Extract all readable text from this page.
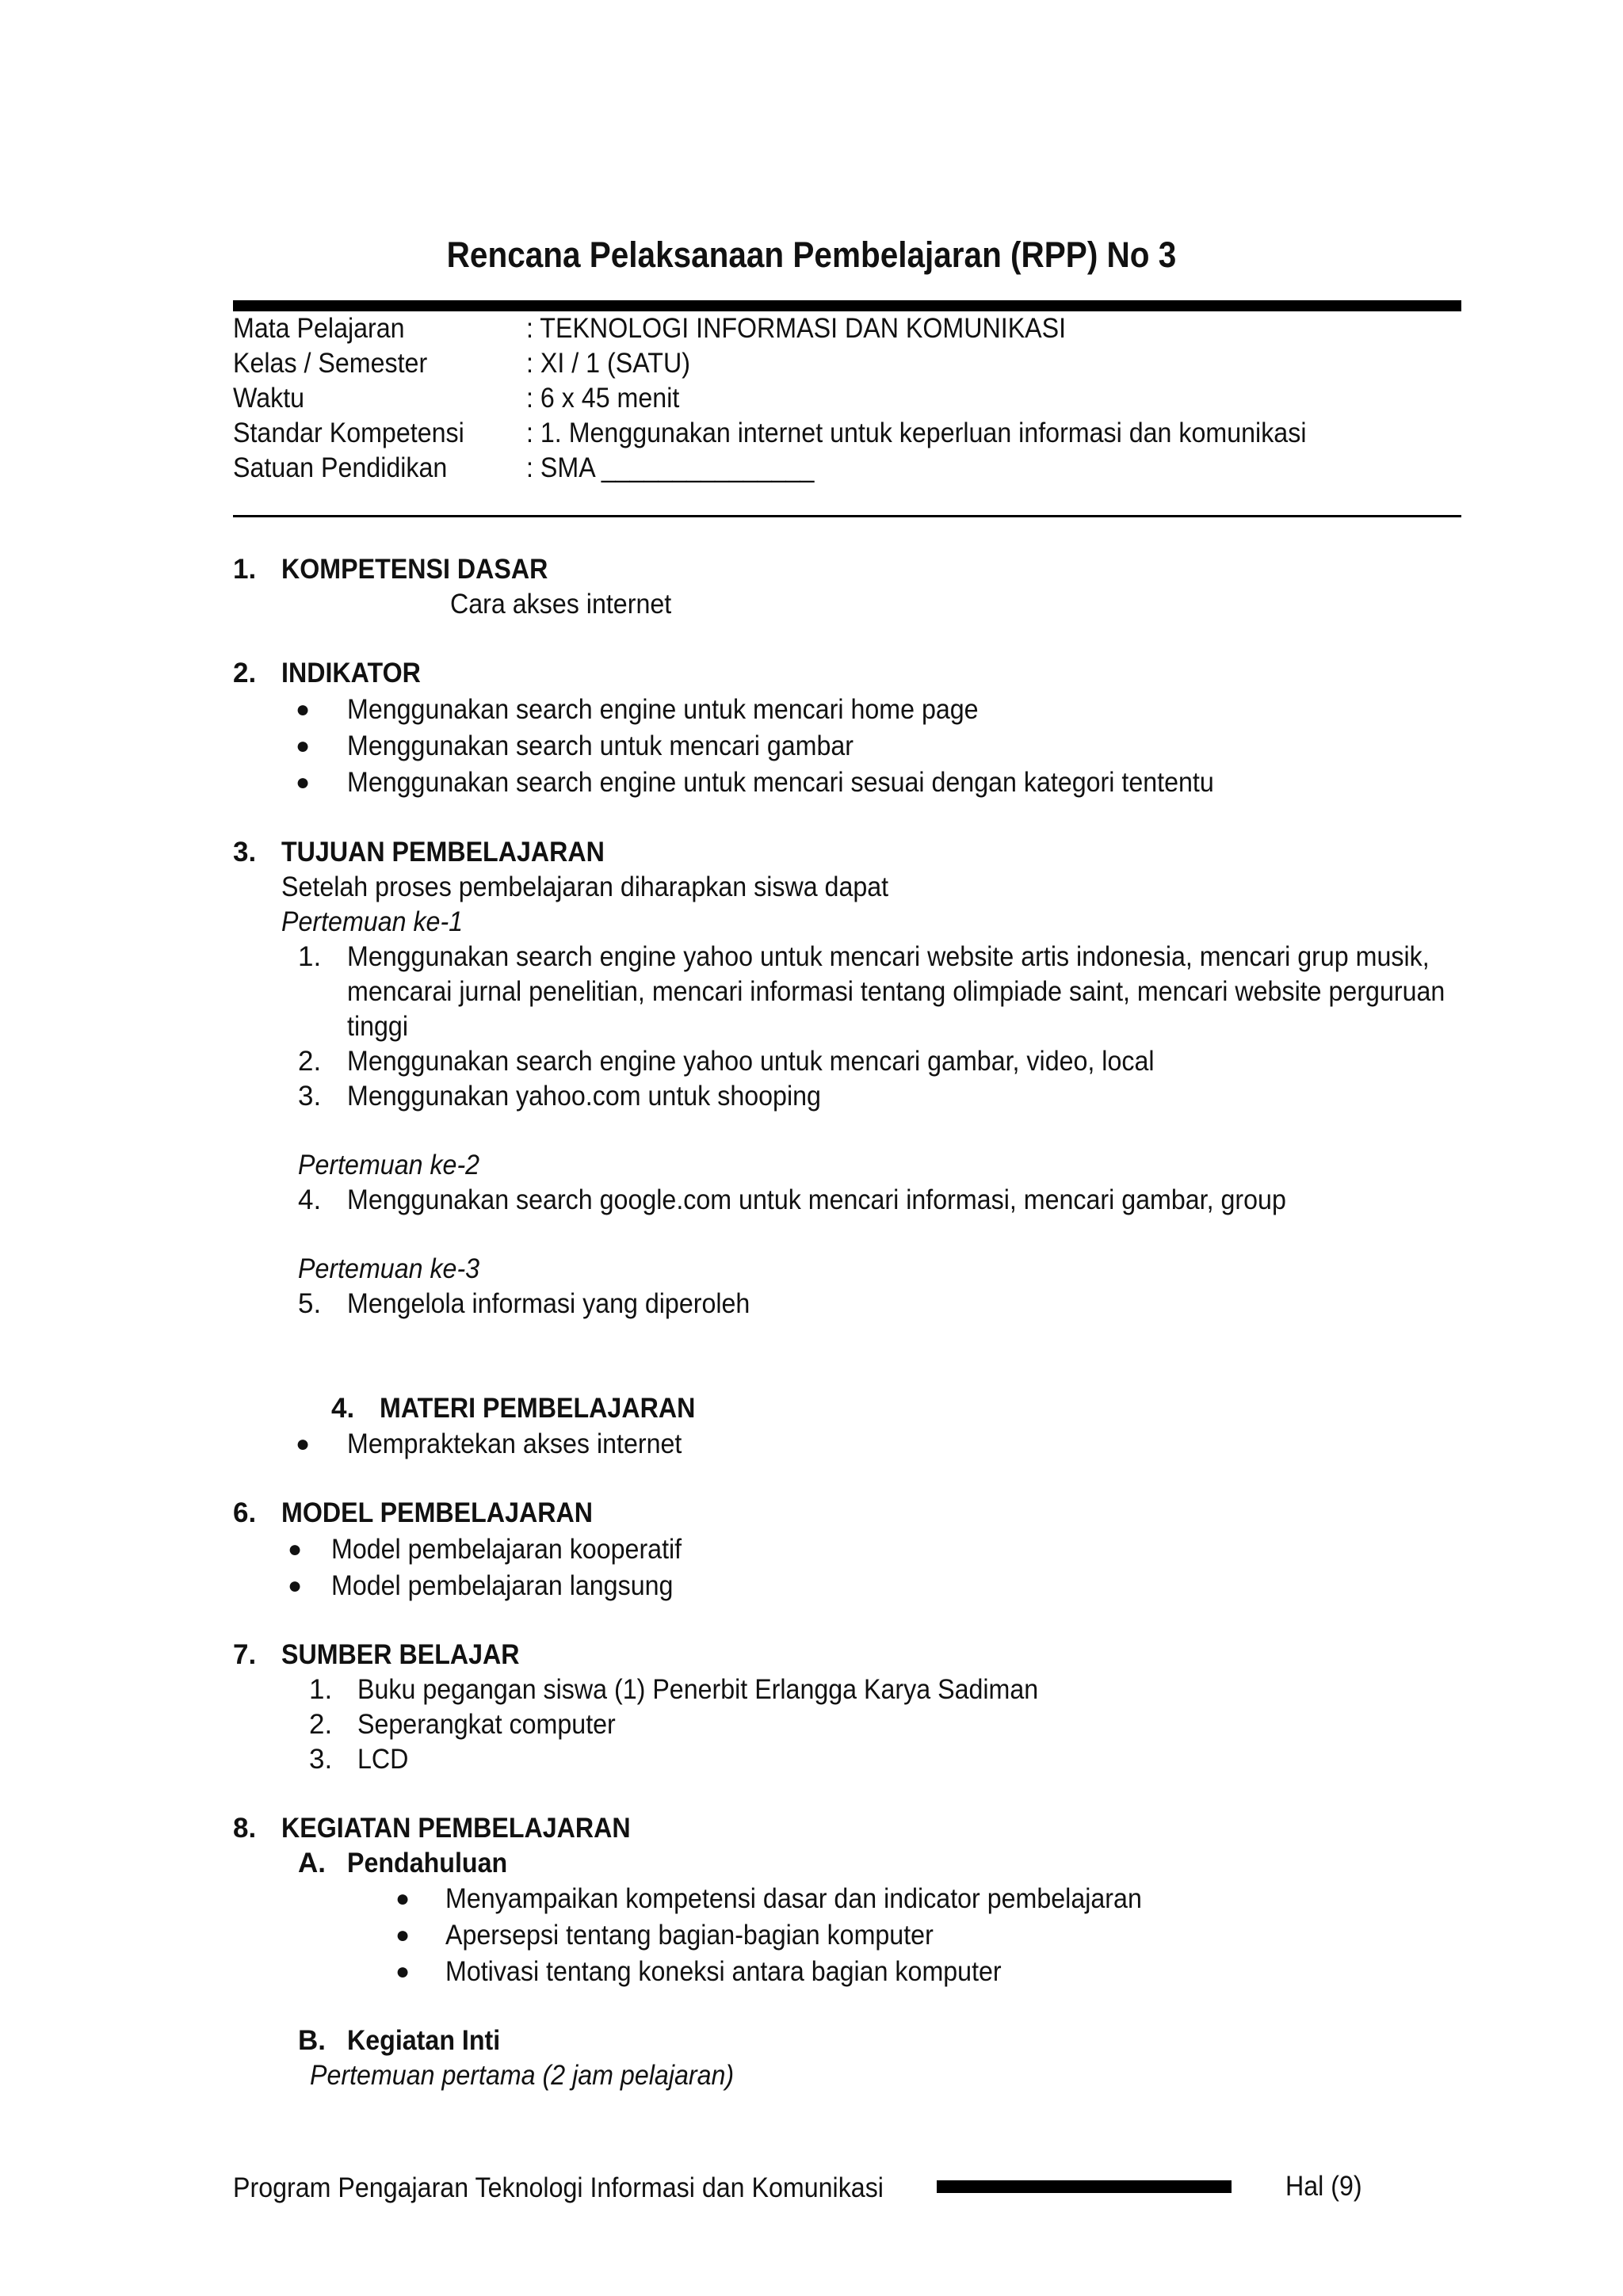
Rencana Pelaksanaan Pembelajaran (RPP) No 3
Mata Pelajaran	: TEKNOLOGI INFORMASI DAN KOMUNIKASI
Kelas / Semester	: XI / 1 (SATU)
Waktu	: 6 x 45 menit
Standar Kompetensi	: 1. Menggunakan internet untuk keperluan informasi dan komunikasi
Satuan Pendidikan	: SMA _______________
1. KOMPETENSI DASAR
Cara akses internet
2. INDIKATOR
● Menggunakan search engine untuk mencari home page
● Menggunakan search untuk mencari gambar
● Menggunakan search engine untuk mencari sesuai dengan kategori tententu
3. TUJUAN PEMBELAJARAN
Setelah proses pembelajaran diharapkan siswa dapat
Pertemuan ke-1
1. Menggunakan search engine yahoo untuk mencari website artis indonesia, mencari grup musik,
mencarai jurnal penelitian, mencari informasi tentang olimpiade saint, mencari website perguruan
tinggi
2. Menggunakan search engine yahoo untuk mencari gambar, video, local
3. Menggunakan yahoo.com untuk shooping
Pertemuan ke-2
4. Menggunakan search google.com untuk mencari informasi, mencari gambar, group
Pertemuan ke-3
5. Mengelola informasi yang diperoleh
4. MATERI PEMBELAJARAN
● Mempraktekan akses internet
6. MODEL PEMBELAJARAN
● Model pembelajaran kooperatif
● Model pembelajaran langsung
7. SUMBER BELAJAR
1. Buku pegangan siswa (1) Penerbit Erlangga Karya Sadiman
2. Seperangkat computer
3. LCD
8. KEGIATAN PEMBELAJARAN
A. Pendahuluan
● Menyampaikan kompetensi dasar dan indicator pembelajaran
● Apersepsi tentang bagian-bagian komputer
● Motivasi tentang koneksi antara bagian komputer
B. Kegiatan Inti
Pertemuan pertama (2 jam pelajaran)
Program Pengajaran Teknologi Informasi dan Komunikasi	Hal (9)
